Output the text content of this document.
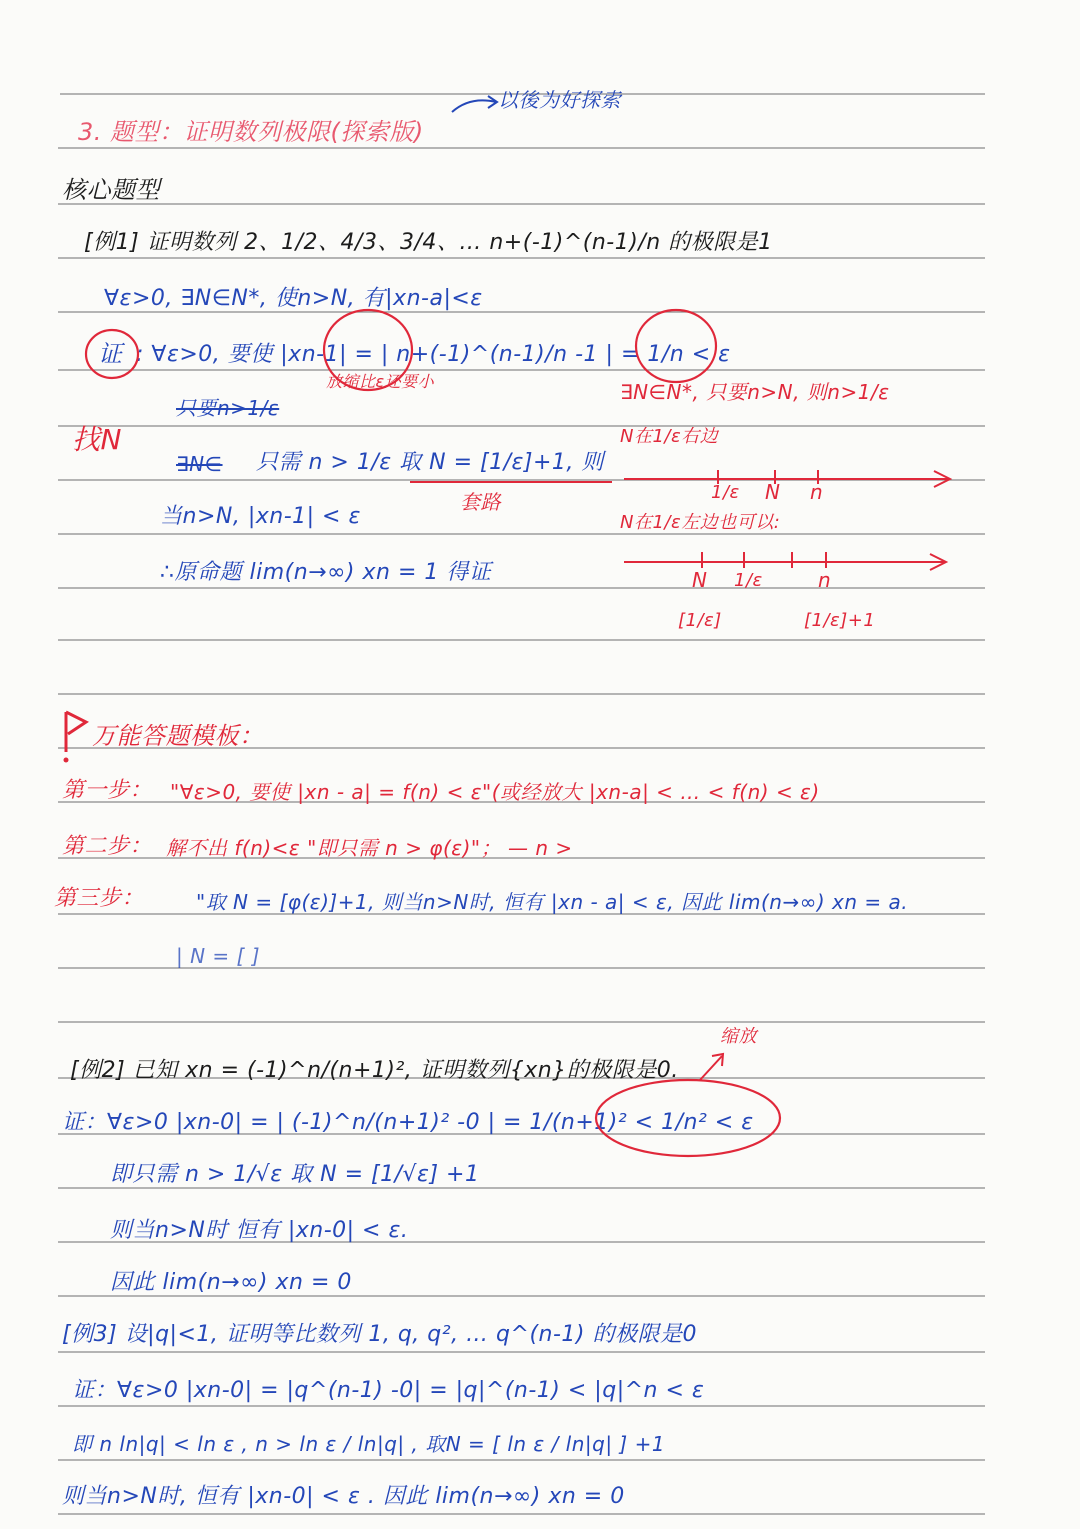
3. 题型：证明数列极限(探索版)
以後为好探索
核心题型
[例1] 证明数列 2、1/2、4/3、3/4、… n+(-1)^(n-1)/n 的极限是1
∀ε>0, ∃N∈N*, 使n>N, 有|xn-a|<ε
证 : ∀ε>0, 要使 |xn-1| = | n+(-1)^(n-1)/n -1 | = 1/n < ε
放缩比ε还要小
只要n>1/ε
找N
∃N∈ 只需 n > 1/ε 取 N = [1/ε]+1, 则
套路
当n>N, |xn-1| < ε
∴原命题 lim(n→∞) xn = 1 得证
∃N∈N*, 只要n>N, 则n>1/ε
N在1/ε右边
N在1/ε左边也可以:
1/ε N n
N 1/ε	n
[1/ε]	[1/ε]+1
万能答题模板：
第一步： "∀ε>0, 要使 |xn - a| = f(n) < ε"(或经放大 |xn-a| < … < f(n) < ε)
第二步： 解不出 f(n)<ε "即只需 n > φ(ε)"； — n >
第三步：	"取 N = [φ(ε)]+1, 则当n>N时, 恒有 |xn - a| < ε, 因此 lim(n→∞) xn = a.
| N = [ ]
[例2] 已知 xn = (-1)^n/(n+1)², 证明数列{xn}的极限是0.
缩放
证：∀ε>0 |xn-0| = | (-1)^n/(n+1)² -0 | = 1/(n+1)² < 1/n² < ε
即只需 n > 1/√ε 取 N = [1/√ε] +1
则当n>N时 恒有 |xn-0| < ε.
因此 lim(n→∞) xn = 0
[例3] 设|q|<1, 证明等比数列 1, q, q², … q^(n-1) 的极限是0
证：∀ε>0 |xn-0| = |q^(n-1) -0| = |q|^(n-1) < |q|^n < ε
即 n ln|q| < ln ε , n > ln ε / ln|q| , 取N = [ ln ε / ln|q| ] +1
则当n>N时, 恒有 |xn-0| < ε . 因此 lim(n→∞) xn = 0
